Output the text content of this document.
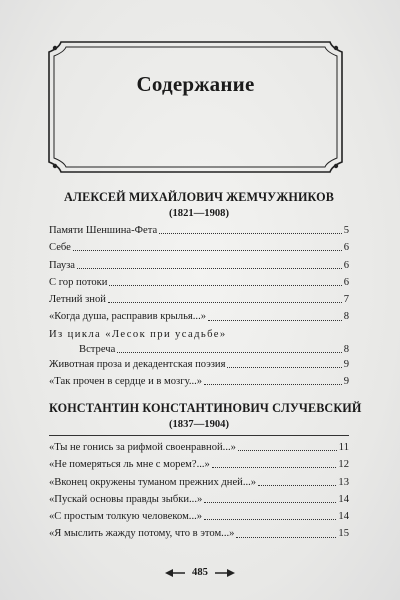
Содержание
АЛЕКСЕЙ МИХАЙЛОВИЧ ЖЕМЧУЖНИКОВ
(1821—1908)
Памяти Шеншина-Фета	5
Себе	6
Пауза	6
С гор потоки	6
Летний зной	7
«Когда душа, расправив крылья...»	8
Из цикла «Лесок при усадьбе»
Встреча	8
Животная проза и декадентская поэзия	9
«Так прочен в сердце и в мозгу...»	9
КОНСТАНТИН КОНСТАНТИНОВИЧ СЛУЧЕВСКИЙ
(1837—1904)
«Ты не гонись за рифмой своенравной...»	11
«Не померяться ль мне с морем?...»	12
«Вконец окружены туманом прежних дней...»	13
«Пускай основы правды зыбки...»	14
«С простым толкую человеком...»	14
«Я мыслить жажду потому, что в этом...»	15
485
